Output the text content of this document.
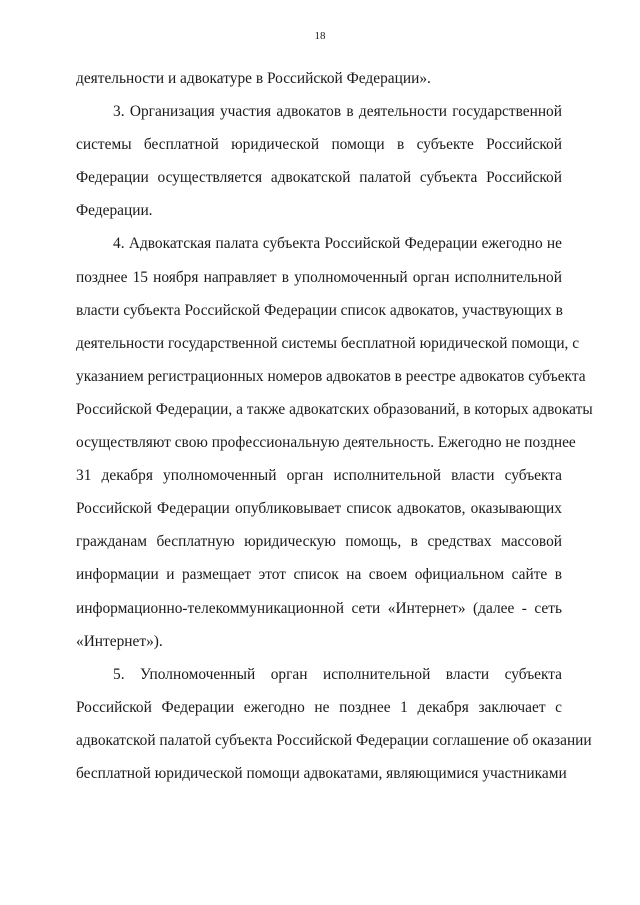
18
деятельности и адвокатуре в Российской Федерации».
3. Организация участия адвокатов в деятельности государственной
системы бесплатной юридической помощи в субъекте Российской
Федерации осуществляется адвокатской палатой субъекта Российской
Федерации.
4. Адвокатская палата субъекта Российской Федерации ежегодно не
позднее 15 ноября направляет в уполномоченный орган исполнительной
власти субъекта Российской Федерации список адвокатов, участвующих в
деятельности государственной системы бесплатной юридической помощи, с
указанием регистрационных номеров адвокатов в реестре адвокатов субъекта
Российской Федерации, а также адвокатских образований, в которых адвокаты
осуществляют свою профессиональную деятельность. Ежегодно не позднее
31 декабря уполномоченный орган исполнительной власти субъекта
Российской Федерации опубликовывает список адвокатов, оказывающих
гражданам бесплатную юридическую помощь, в средствах массовой
информации и размещает этот список на своем официальном сайте в
информационно-телекоммуникационной сети «Интернет» (далее - сеть
«Интернет»).
5. Уполномоченный орган исполнительной власти субъекта
Российской Федерации ежегодно не позднее 1 декабря заключает с
адвокатской палатой субъекта Российской Федерации соглашение об оказании
бесплатной юридической помощи адвокатами, являющимися участниками
